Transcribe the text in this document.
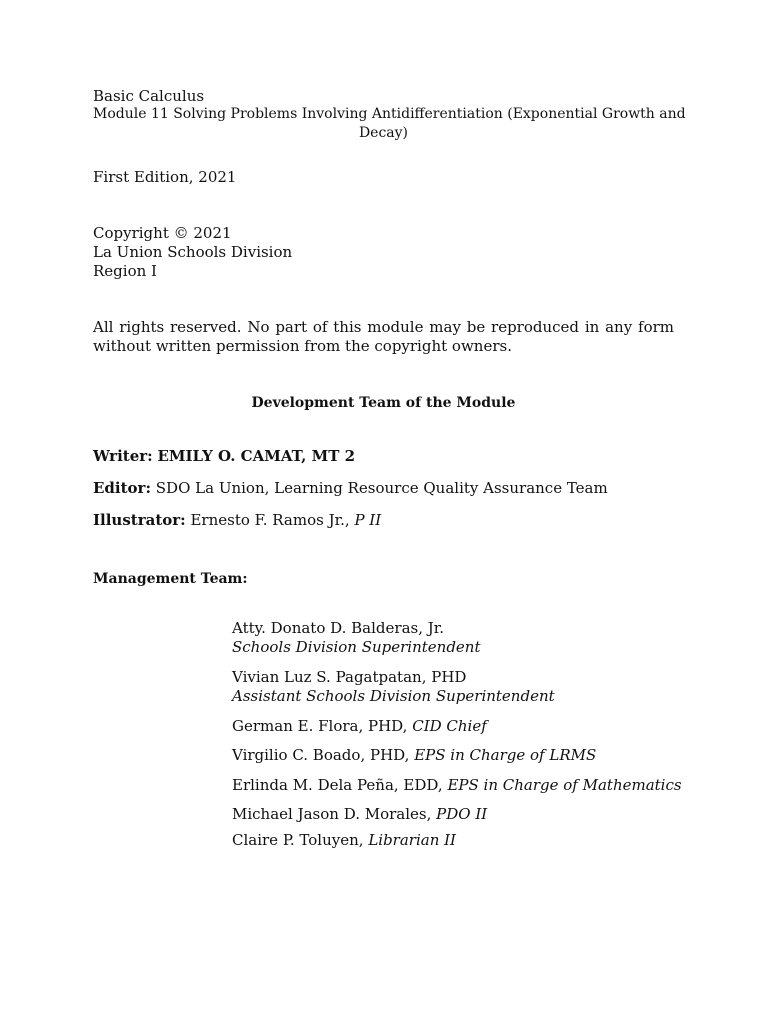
Basic Calculus
Module 11 Solving Problems Involving Antidifferentiation (Exponential Growth and
Decay)
First Edition, 2021
Copyright © 2021
La Union Schools Division
Region I
All rights reserved. No part of this module may be reproduced in any form
without written permission from the copyright owners.
Development Team of the Module
Writer: EMILY O. CAMAT, MT 2
Editor: SDO La Union, Learning Resource Quality Assurance Team
Illustrator: Ernesto F. Ramos Jr., P II
Management Team:
Atty. Donato D. Balderas, Jr.
Schools Division Superintendent
Vivian Luz S. Pagatpatan, PHD
Assistant Schools Division Superintendent
German E. Flora, PHD, CID Chief
Virgilio C. Boado, PHD, EPS in Charge of LRMS
Erlinda M. Dela Peña, EDD, EPS in Charge of Mathematics
Michael Jason D. Morales, PDO II
Claire P. Toluyen, Librarian II
